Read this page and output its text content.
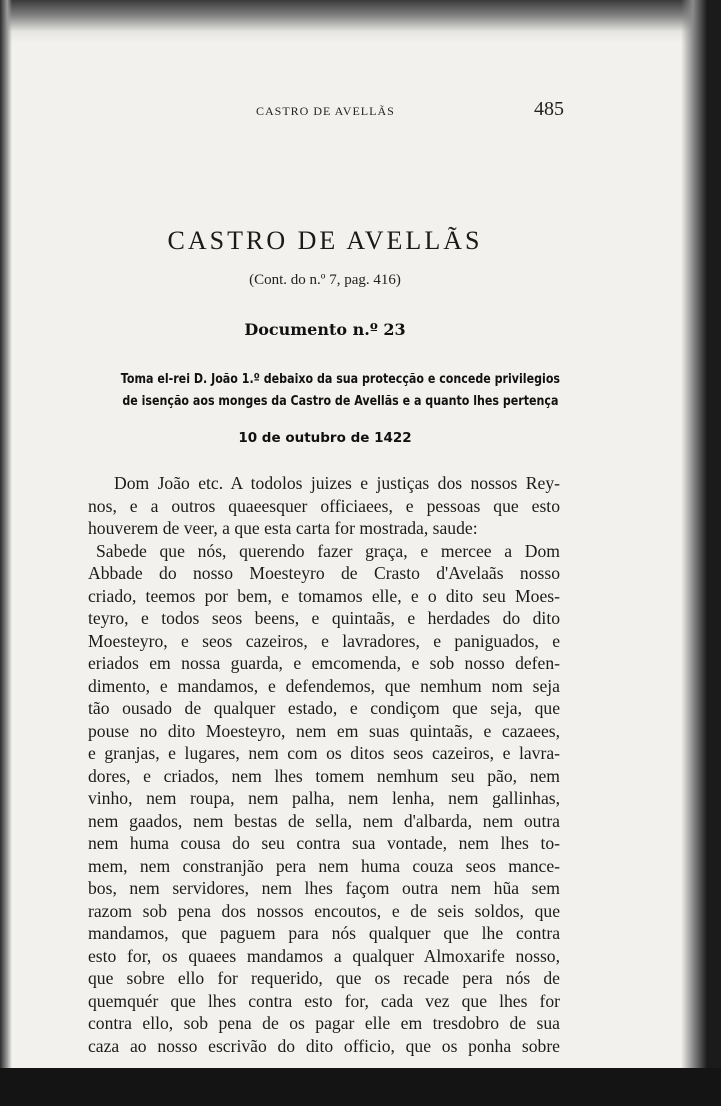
CASTRO DE AVELLÃS	485
CASTRO DE AVELLÃS
(Cont. do n.º 7, pag. 416)
Documento n.º 23
Toma el-rei D. João 1.º debaixo da sua protecção e concede privilegios
de isenção aos monges da Castro de Avellãs e a quanto lhes pertença
10 de outubro de 1422
Dom João etc. A todolos juizes e justiças dos nossos Rey-
nos, e a outros quaeesquer officiaees, e pessoas que esto
houverem de veer, a que esta carta for mostrada, saude:
Sabede que nós, querendo fazer graça, e mercee a Dom
Abbade do nosso Moesteyro de Crasto d'Avelaãs nosso
criado, teemos por bem, e tomamos elle, e o dito seu Moes-
teyro, e todos seos beens, e quintaãs, e herdades do dito
Moesteyro, e seos cazeiros, e lavradores, e paniguados, e
eriados em nossa guarda, e emcomenda, e sob nosso defen-
dimento, e mandamos, e defendemos, que nemhum nom seja
tão ousado de qualquer estado, e condiçom que seja, que
pouse no dito Moesteyro, nem em suas quintaãs, e cazaees,
e granjas, e lugares, nem com os ditos seos cazeiros, e lavra-
dores, e criados, nem lhes tomem nemhum seu pão, nem
vinho, nem roupa, nem palha, nem lenha, nem gallinhas,
nem gaados, nem bestas de sella, nem d'albarda, nem outra
nem huma cousa do seu contra sua vontade, nem lhes to-
mem, nem constranjão pera nem huma couza seos mance-
bos, nem servidores, nem lhes façom outra nem hũa sem
razom sob pena dos nossos encoutos, e de seis soldos, que
mandamos, que paguem para nós qualquer que lhe contra
esto for, os quaees mandamos a qualquer Almoxarife nosso,
que sobre ello for requerido, que os recade pera nós de
quemquér que lhes contra esto for, cada vez que lhes for
contra ello, sob pena de os pagar elle em tresdobro de sua
caza ao nosso escrivão do dito officio, que os ponha sobre
